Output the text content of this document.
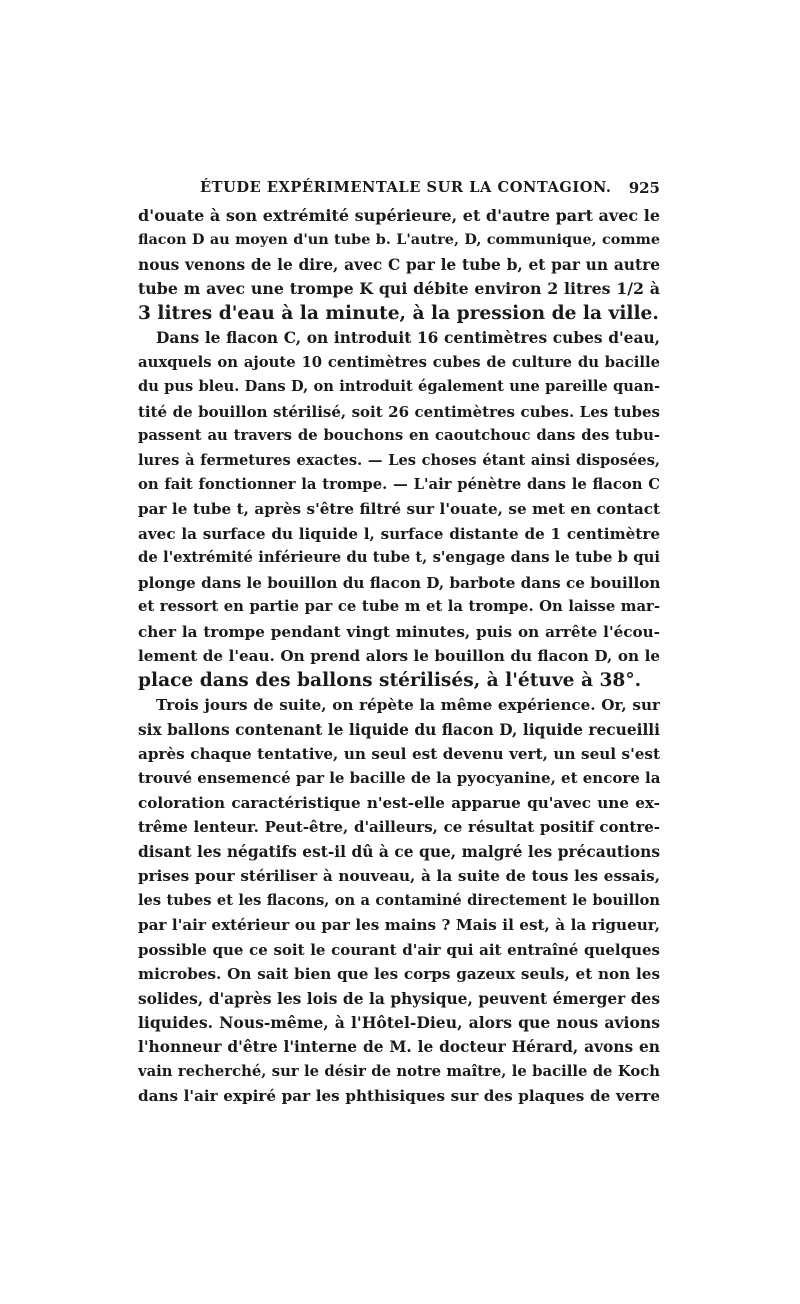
ÉTUDE EXPÉRIMENTALE SUR LA CONTAGION. 925
d'ouate à son extrémité supérieure, et d'autre part avec le
flacon D au moyen d'un tube b. L'autre, D, communique, comme
nous venons de le dire, avec C par le tube b, et par un autre
tube m avec une trompe K qui débite environ 2 litres 1/2 à
3 litres d'eau à la minute, à la pression de la ville.
Dans le flacon C, on introduit 16 centimètres cubes d'eau,
auxquels on ajoute 10 centimètres cubes de culture du bacille
du pus bleu. Dans D, on introduit également une pareille quan-
tité de bouillon stérilisé, soit 26 centimètres cubes. Les tubes
passent au travers de bouchons en caoutchouc dans des tubu-
lures à fermetures exactes. — Les choses étant ainsi disposées,
on fait fonctionner la trompe. — L'air pénètre dans le flacon C
par le tube t, après s'être filtré sur l'ouate, se met en contact
avec la surface du liquide l, surface distante de 1 centimètre
de l'extrémité inférieure du tube t, s'engage dans le tube b qui
plonge dans le bouillon du flacon D, barbote dans ce bouillon
et ressort en partie par ce tube m et la trompe. On laisse mar-
cher la trompe pendant vingt minutes, puis on arrête l'écou-
lement de l'eau. On prend alors le bouillon du flacon D, on le
place dans des ballons stérilisés, à l'étuve à 38°.
Trois jours de suite, on répète la même expérience. Or, sur
six ballons contenant le liquide du flacon D, liquide recueilli
après chaque tentative, un seul est devenu vert, un seul s'est
trouvé ensemencé par le bacille de la pyocyanine, et encore la
coloration caractéristique n'est-elle apparue qu'avec une ex-
trême lenteur. Peut-être, d'ailleurs, ce résultat positif contre-
disant les négatifs est-il dû à ce que, malgré les précautions
prises pour stériliser à nouveau, à la suite de tous les essais,
les tubes et les flacons, on a contaminé directement le bouillon
par l'air extérieur ou par les mains ? Mais il est, à la rigueur,
possible que ce soit le courant d'air qui ait entraîné quelques
microbes. On sait bien que les corps gazeux seuls, et non les
solides, d'après les lois de la physique, peuvent émerger des
liquides. Nous-même, à l'Hôtel-Dieu, alors que nous avions
l'honneur d'être l'interne de M. le docteur Hérard, avons en
vain recherché, sur le désir de notre maître, le bacille de Koch
dans l'air expiré par les phthisiques sur des plaques de verre
